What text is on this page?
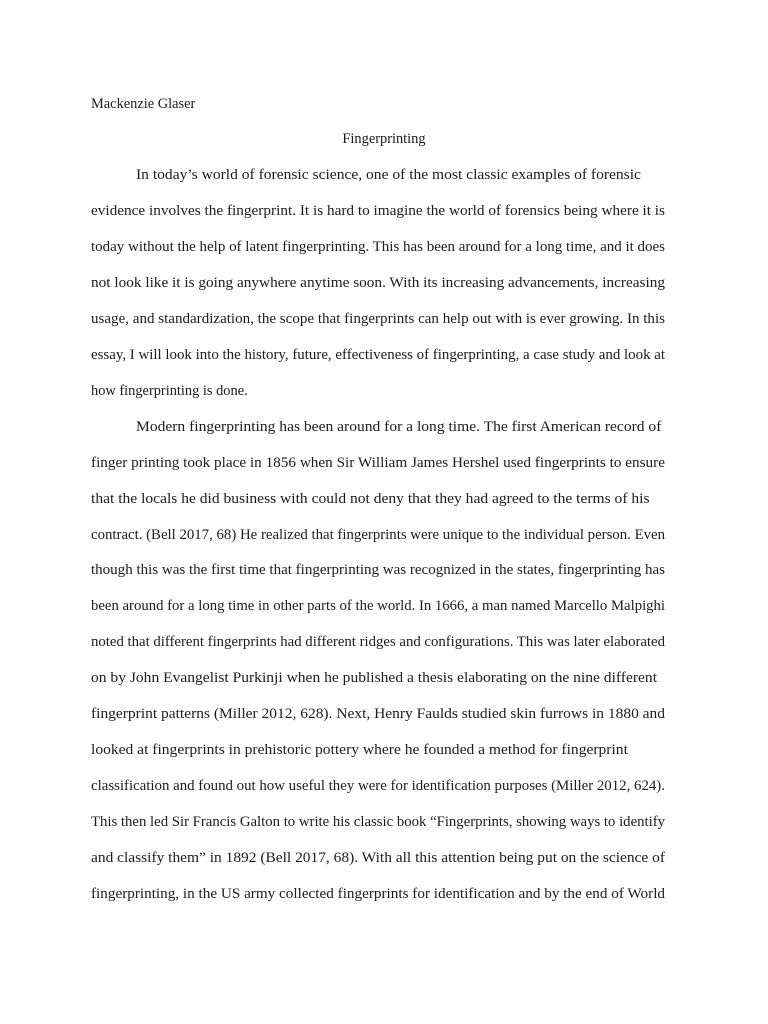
Mackenzie Glaser
Fingerprinting
In today’s world of forensic science, one of the most classic examples of forensic
evidence involves the fingerprint. It is hard to imagine the world of forensics being where it is
today without the help of latent fingerprinting. This has been around for a long time, and it does
not look like it is going anywhere anytime soon. With its increasing advancements, increasing
usage, and standardization, the scope that fingerprints can help out with is ever growing. In this
essay, I will look into the history, future, effectiveness of fingerprinting, a case study and look at
how fingerprinting is done.
Modern fingerprinting has been around for a long time. The first American record of
finger printing took place in 1856 when Sir William James Hershel used fingerprints to ensure
that the locals he did business with could not deny that they had agreed to the terms of his
contract. (Bell 2017, 68) He realized that fingerprints were unique to the individual person. Even
though this was the first time that fingerprinting was recognized in the states, fingerprinting has
been around for a long time in other parts of the world. In 1666, a man named Marcello Malpighi
noted that different fingerprints had different ridges and configurations. This was later elaborated
on by John Evangelist Purkinji when he published a thesis elaborating on the nine different
fingerprint patterns (Miller 2012, 628). Next, Henry Faulds studied skin furrows in 1880 and
looked at fingerprints in prehistoric pottery where he founded a method for fingerprint
classification and found out how useful they were for identification purposes (Miller 2012, 624).
This then led Sir Francis Galton to write his classic book “Fingerprints, showing ways to identify
and classify them” in 1892 (Bell 2017, 68). With all this attention being put on the science of
fingerprinting, in the US army collected fingerprints for identification and by the end of World
